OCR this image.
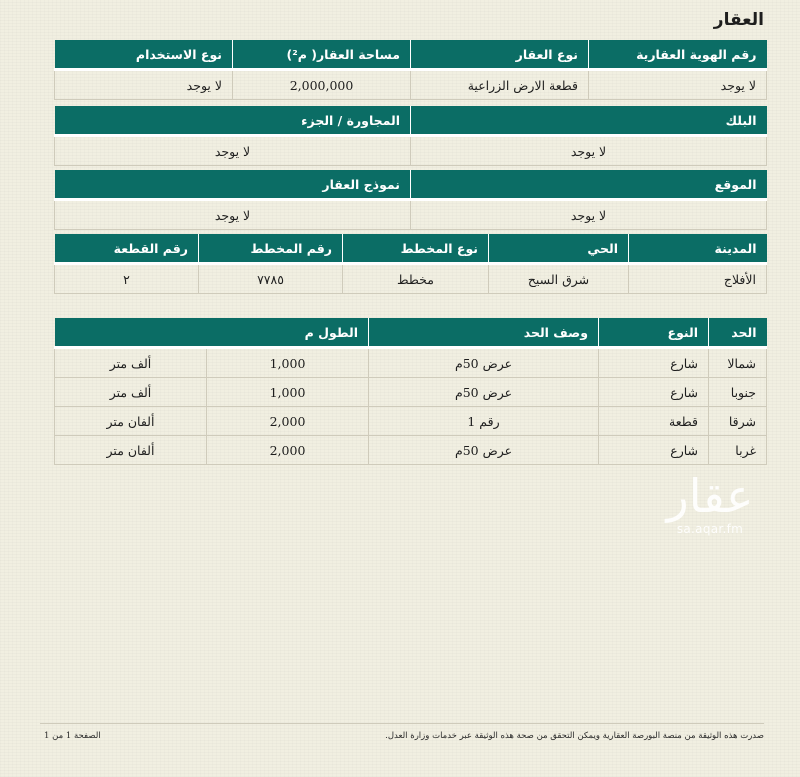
العقار
رقم الهوية العقارية	نوع العقار	مساحة العقار( م²)	نوع الاستخدام
لا يوجد	قطعة الارض الزراعية	2,000,000	لا يوجد
البلك	المجاورة / الجزء
لا يوجد	لا يوجد
الموقع	نموذج العقار
لا يوجد	لا يوجد
المدينة	الحي	نوع المخطط	رقم المخطط	رقم القطعة
الأفلاج	شرق السيح	مخطط	٧٧٨٥	٢
الحد	النوع	وصف الحد	الطول م	
شمالا	شارع	عرض 50م	1,000	ألف متر
جنوبا	شارع	عرض 50م	1,000	ألف متر
شرقا	قطعة	رقم 1	2,000	ألفان متر
غربا	شارع	عرض 50م	2,000	ألفان متر
عقار
sa.aqar.fm
صدرت هذه الوثيقة من منصة البورصة العقارية ويمكن التحقق من صحة هذه الوثيقة عبر خدمات وزارة العدل.
الصفحة 1 من 1
